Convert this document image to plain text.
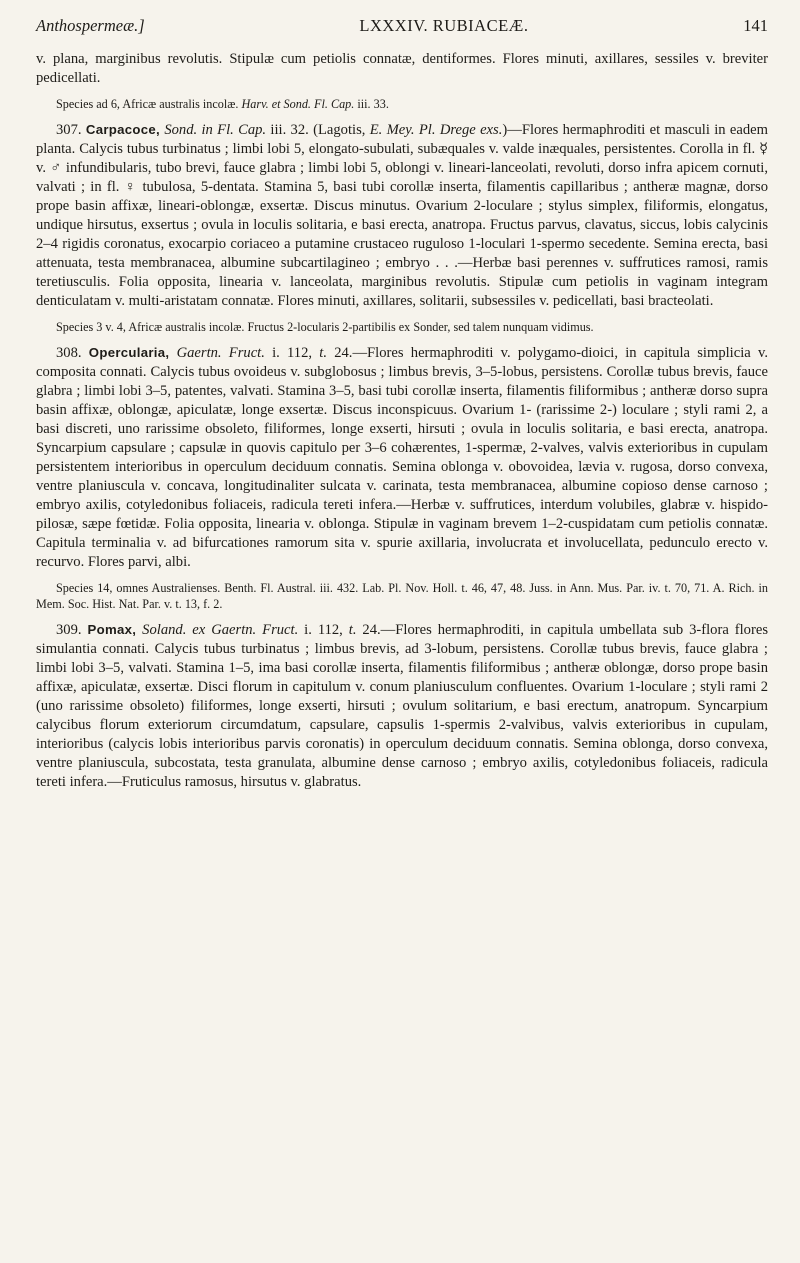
Anthospermeæ.]	LXXXIV. RUBIACEÆ.	141

v. plana, marginibus revolutis. Stipulæ cum petiolis connatæ, dentiformes. Flores minuti, axillares, sessiles v. breviter pedicellati.

Species ad 6, Africæ australis incolæ. Harv. et Sond. Fl. Cap. iii. 33.

307. Carpacoce, Sond. in Fl. Cap. iii. 32. (Lagotis, E. Mey. Pl. Drege exs.)—Flores hermaphroditi et masculi in eadem planta. Calycis tubus turbinatus ; limbi lobi 5, elongato-subulati, subæquales v. valde inæquales, persistentes. Corolla in fl. ☿ v. ♂ infundibularis, tubo brevi, fauce glabra ; limbi lobi 5, oblongi v. lineari-lanceolati, revoluti, dorso infra apicem cornuti, valvati ; in fl. ♀ tubulosa, 5-dentata. Stamina 5, basi tubi corollæ inserta, filamentis capillaribus ; antheræ magnæ, dorso prope basin affixæ, lineari-oblongæ, exsertæ. Discus minutus. Ovarium 2-loculare ; stylus simplex, filiformis, elongatus, undique hirsutus, exsertus ; ovula in loculis solitaria, e basi erecta, anatropa. Fructus parvus, clavatus, siccus, lobis calycinis 2–4 rigidis coronatus, exocarpio coriaceo a putamine crustaceo ruguloso 1-loculari 1-spermo secedente. Semina erecta, basi attenuata, testa membranacea, albumine subcartilagineo ; embryo . . .—Herbæ basi perennes v. suffrutices ramosi, ramis teretiusculis. Folia opposita, linearia v. lanceolata, marginibus revolutis. Stipulæ cum petiolis in vaginam integram denticulatam v. multi-aristatam connatæ. Flores minuti, axillares, solitarii, subsessiles v. pedicellati, basi bracteolati.

Species 3 v. 4, Africæ australis incolæ. Fructus 2-locularis 2-partibilis ex Sonder, sed talem nunquam vidimus.

308. Opercularia, Gaertn. Fruct. i. 112, t. 24.—Flores hermaphroditi v. polygamo-dioici, in capitula simplicia v. composita connati. Calycis tubus ovoideus v. subglobosus ; limbus brevis, 3–5-lobus, persistens. Corollæ tubus brevis, fauce glabra ; limbi lobi 3–5, patentes, valvati. Stamina 3–5, basi tubi corollæ inserta, filamentis filiformibus ; antheræ dorso supra basin affixæ, oblongæ, apiculatæ, longe exsertæ. Discus inconspicuus. Ovarium 1- (rarissime 2-) loculare ; styli rami 2, a basi discreti, uno rarissime obsoleto, filiformes, longe exserti, hirsuti ; ovula in loculis solitaria, e basi erecta, anatropa. Syncarpium capsulare ; capsulæ in quovis capitulo per 3–6 cohærentes, 1-spermæ, 2-valves, valvis exterioribus in cupulam persistentem interioribus in operculum deciduum connatis. Semina oblonga v. obovoidea, lævia v. rugosa, dorso convexa, ventre planiuscula v. concava, longitudinaliter sulcata v. carinata, testa membranacea, albumine copioso dense carnoso ; embryo axilis, cotyledonibus foliaceis, radicula tereti infera.—Herbæ v. suffrutices, interdum volubiles, glabræ v. hispido-pilosæ, sæpe fœtidæ. Folia opposita, linearia v. oblonga. Stipulæ in vaginam brevem 1–2-cuspidatam cum petiolis connatæ. Capitula terminalia v. ad bifurcationes ramorum sita v. spurie axillaria, involucrata et involucellata, pedunculo erecto v. recurvo. Flores parvi, albi.

Species 14, omnes Australienses. Benth. Fl. Austral. iii. 432. Lab. Pl. Nov. Holl. t. 46, 47, 48. Juss. in Ann. Mus. Par. iv. t. 70, 71. A. Rich. in Mem. Soc. Hist. Nat. Par. v. t. 13, f. 2.

309. Pomax, Soland. ex Gaertn. Fruct. i. 112, t. 24.—Flores hermaphroditi, in capitula umbellata sub 3-flora flores simulantia connati. Calycis tubus turbinatus ; limbus brevis, ad 3-lobum, persistens. Corollæ tubus brevis, fauce glabra ; limbi lobi 3–5, valvati. Stamina 1–5, ima basi corollæ inserta, filamentis filiformibus ; antheræ oblongæ, dorso prope basin affixæ, apiculatæ, exsertæ. Disci florum in capitulum v. conum planiusculum confluentes. Ovarium 1-loculare ; styli rami 2 (uno rarissime obsoleto) filiformes, longe exserti, hirsuti ; ovulum solitarium, e basi erectum, anatropum. Syncarpium calycibus florum exteriorum circumdatum, capsulare, capsulis 1-spermis 2-valvibus, valvis exterioribus in cupulam, interioribus (calycis lobis interioribus parvis coronatis) in operculum deciduum connatis. Semina oblonga, dorso convexa, ventre planiuscula, subcostata, testa granulata, albumine dense carnoso ; embryo axilis, cotyledonibus foliaceis, radicula tereti infera.—Fruticulus ramosus, hirsutus v. glabratus.
